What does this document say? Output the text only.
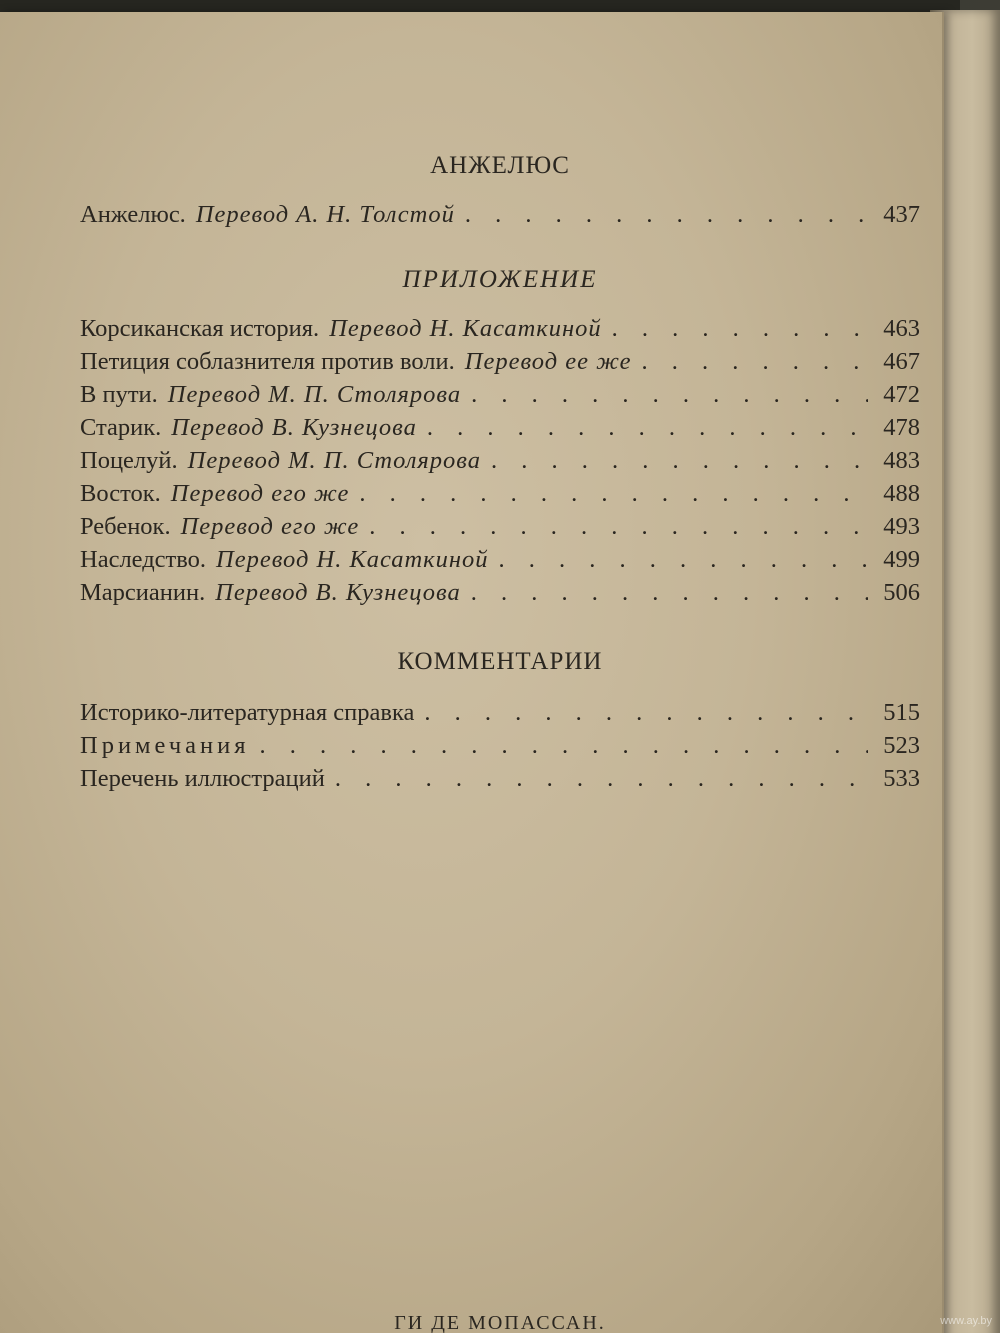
АНЖЕЛЮС
Анжелюс. Перевод А. Н. Толстой . . .	437
ПРИЛОЖЕНИЕ
Корсиканская история. Перевод Н. Касаткиной . . .	463
Петиция соблазнителя против воли. Перевод ее же . . .	467
В пути. Перевод М. П. Столярова . . .	472
Старик. Перевод В. Кузнецова . . .	478
Поцелуй. Перевод М. П. Столярова . . .	483
Восток. Перевод его же . . .	488
Ребенок. Перевод его же . . .	493
Наследство. Перевод Н. Касаткиной . . .	499
Марсианин. Перевод В. Кузнецова . . .	506
КОММЕНТАРИИ
Историко-литературная справка . . .	515
Примечания . . .	523
Перечень иллюстраций . . .	533
ГИ ДЕ МОПАССАН.	www.ay.by
